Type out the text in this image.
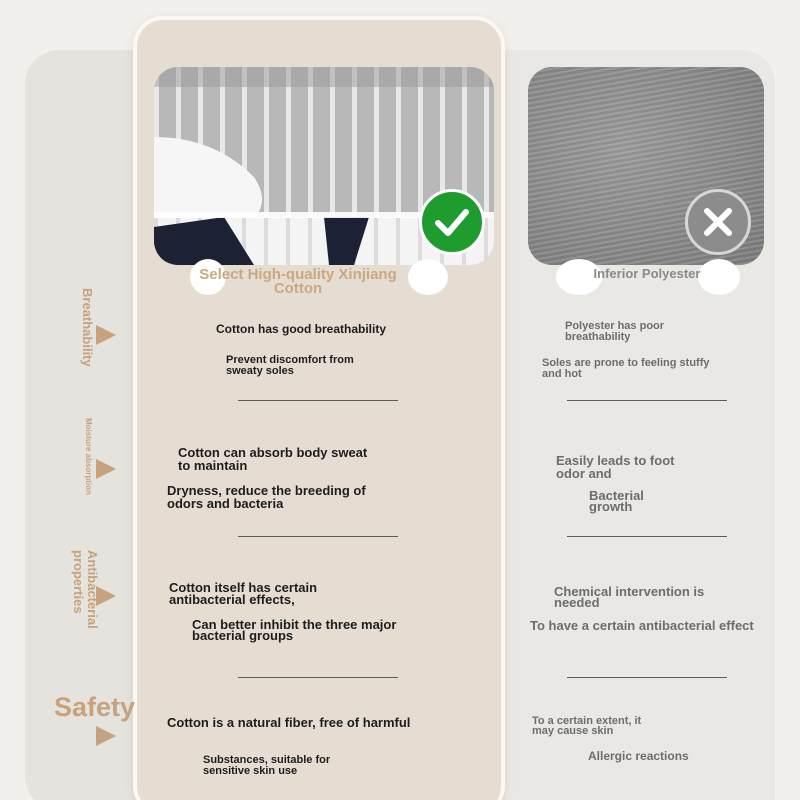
Select High-quality Xinjiang Cotton
Inferior Polyester
Breathability
Moisture absorption
Antibacterial properties
Safety
Cotton has good breathability
Prevent discomfort from sweaty soles
Polyester has poor breathability
Soles are prone to feeling stuffy and hot
Cotton can absorb body sweat to maintain
Dryness, reduce the breeding of odors and bacteria
Easily leads to foot odor and
Bacterial growth
Cotton itself has certain antibacterial effects,
Can better inhibit the three major bacterial groups
Chemical intervention is needed
To have a certain antibacterial effect
Cotton is a natural fiber, free of harmful
Substances, suitable for sensitive skin use
To a certain extent, it may cause skin
Allergic reactions
